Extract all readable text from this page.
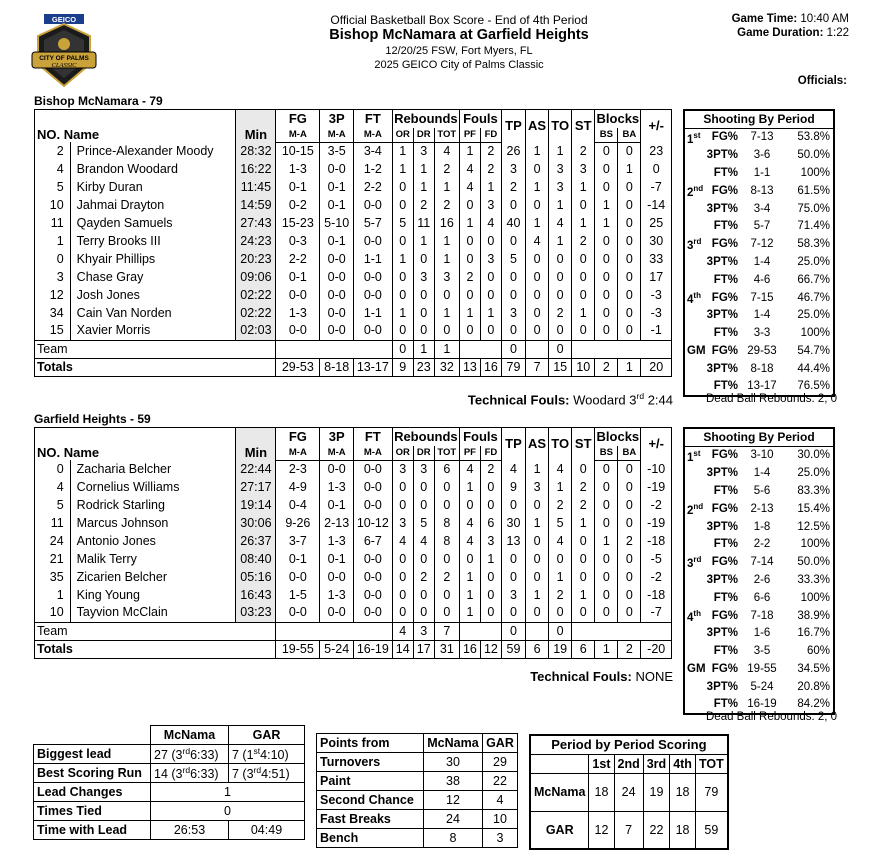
GEICO
CITY OF PALMS
CLASSIC
Official Basketball Box Score - End of 4th Period
Bishop McNamara at Garfield Heights
12/20/25 FSW, Fort Myers, FL
2025 GEICO City of Palms Classic
Game Time: 10:40 AM
Game Duration: 1:22
Officials:
Bishop McNamara - 79
NO. Name		Min	FG	3P	FT	Rebounds			Fouls		TP	AS	TO	ST	Blocks		+/-
			M-A	M-A	M-A	OR	DR	TOT	PF	FD					BS	BA	
2	Prince-Alexander Moody	28:32	10-15	3-5	3-4	1	3	4	1	2	26	1	1	2	0	0	23
4	Brandon Woodard	16:22	1-3	0-0	1-2	1	1	2	4	2	3	0	3	3	0	1	0
5	Kirby Duran	11:45	0-1	0-1	2-2	0	1	1	4	1	2	1	3	1	0	0	-7
10	Jahmai Drayton	14:59	0-2	0-1	0-0	0	2	2	0	3	0	0	1	0	1	0	-14
11	Qayden Samuels	27:43	15-23	5-10	5-7	5	11	16	1	4	40	1	4	1	1	0	25
1	Terry Brooks III	24:23	0-3	0-1	0-0	0	1	1	0	0	0	4	1	2	0	0	30
0	Khyair Phillips	20:23	2-2	0-0	1-1	1	0	1	0	3	5	0	0	0	0	0	33
3	Chase Gray	09:06	0-1	0-0	0-0	0	3	3	2	0	0	0	0	0	0	0	17
12	Josh Jones	02:22	0-0	0-0	0-0	0	0	0	0	0	0	0	0	0	0	0	-3
34	Cain Van Norden	02:22	1-3	0-0	1-1	1	0	1	1	1	3	0	2	1	0	0	-3
15	Xavier Morris	02:03	0-0	0-0	0-0	0	0	0	0	0	0	0	0	0	0	0	-1
Team						0	1	1			0		0				
Totals			29-53	8-18	13-17	9	23	32	13	16	79	7	15	10	2	1	20
Shooting By Period			
1st	FG%	7-13	53.8%
	3PT%	3-6	50.0%
	FT%	1-1	100%
2nd	FG%	8-13	61.5%
	3PT%	3-4	75.0%
	FT%	5-7	71.4%
3rd	FG%	7-12	58.3%
	3PT%	1-4	25.0%
	FT%	4-6	66.7%
4th	FG%	7-15	46.7%
	3PT%	1-4	25.0%
	FT%	3-3	100%
GM	FG%	29-53	54.7%
	3PT%	8-18	44.4%
	FT%	13-17	76.5%
Technical Fouls: Woodard 3rd 2:44	Dead Ball Rebounds: 2, 0
Garfield Heights - 59
NO. Name		Min	FG	3P	FT	Rebounds			Fouls		TP	AS	TO	ST	Blocks		+/-
			M-A	M-A	M-A	OR	DR	TOT	PF	FD					BS	BA	
0	Zacharia Belcher	22:44	2-3	0-0	0-0	3	3	6	4	2	4	1	4	0	0	0	-10
4	Cornelius Williams	27:17	4-9	1-3	0-0	0	0	0	1	0	9	3	1	2	0	0	-19
5	Rodrick Starling	19:14	0-4	0-1	0-0	0	0	0	0	0	0	0	2	2	0	0	-2
11	Marcus Johnson	30:06	9-26	2-13	10-12	3	5	8	4	6	30	1	5	1	0	0	-19
24	Antonio Jones	26:37	3-7	1-3	6-7	4	4	8	4	3	13	0	4	0	1	2	-18
21	Malik Terry	08:40	0-1	0-1	0-0	0	0	0	0	1	0	0	0	0	0	0	-5
35	Zicarien Belcher	05:16	0-0	0-0	0-0	0	2	2	1	0	0	0	1	0	0	0	-2
1	King Young	16:43	1-5	1-3	0-0	0	0	0	1	0	3	1	2	1	0	0	-18
10	Tayvion McClain	03:23	0-0	0-0	0-0	0	0	0	1	0	0	0	0	0	0	0	-7
Team						4	3	7			0		0				
Totals			19-55	5-24	16-19	14	17	31	16	12	59	6	19	6	1	2	-20
Shooting By Period			
1st	FG%	3-10	30.0%
	3PT%	1-4	25.0%
	FT%	5-6	83.3%
2nd	FG%	2-13	15.4%
	3PT%	1-8	12.5%
	FT%	2-2	100%
3rd	FG%	7-14	50.0%
	3PT%	2-6	33.3%
	FT%	6-6	100%
4th	FG%	7-18	38.9%
	3PT%	1-6	16.7%
	FT%	3-5	60%
GM	FG%	19-55	34.5%
	3PT%	5-24	20.8%
	FT%	16-19	84.2%
Technical Fouls: NONE
Dead Ball Rebounds: 2, 0
	McNama	GAR
Biggest lead	27 (3rd6:33)	7 (1st4:10)
Best Scoring Run	14 (3rd6:33)	7 (3rd4:51)
Lead Changes	1	
Times Tied	0	
Time with Lead	26:53	04:49
Points from	McNama	GAR
Turnovers	30	29
Paint	38	22
Second Chance	12	4
Fast Breaks	24	10
Bench	8	3
Period by Period Scoring					
	1st	2nd	3rd	4th	TOT
McNama	18	24	19	18	79
GAR	12	7	22	18	59
